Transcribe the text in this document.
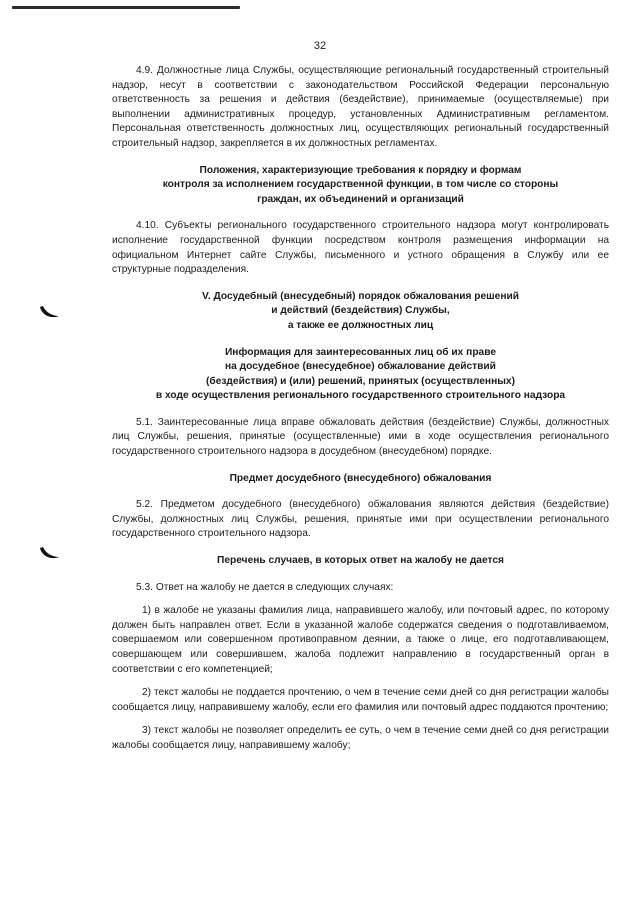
32

4.9. Должностные лица Службы, осуществляющие региональный государственный строительный надзор, несут в соответствии с законодательством Российской Федерации персональную ответственность за решения и действия (бездействие), принимаемые (осуществляемые) при выполнении административных процедур, установленных Административным регламентом. Персональная ответственность должностных лиц, осуществляющих региональный государственный строительный надзор, закрепляется в их должностных регламентах.

Положения, характеризующие требования к порядку и формам
контроля за исполнением государственной функции, в том числе со стороны
граждан, их объединений и организаций

4.10. Субъекты регионального государственного строительного надзора могут контролировать исполнение государственной функции посредством контроля размещения информации на официальном Интернет сайте Службы, письменного и устного обращения в Службу или ее структурные подразделения.

V. Досудебный (внесудебный) порядок обжалования решений
и действий (бездействия) Службы,
а также ее должностных лиц
Информация для заинтересованных лиц об их праве
на досудебное (внесудебное) обжалование действий
(бездействия) и (или) решений, принятых (осуществленных)
в ходе осуществления регионального государственного строительного надзора

5.1. Заинтересованные лица вправе обжаловать действия (бездействие) Службы, должностных лиц Службы, решения, принятые (осуществленные) ими в ходе осуществления регионального государственного строительного надзора в досудебном (внесудебном) порядке.

Предмет досудебного (внесудебного) обжалования

5.2. Предметом досудебного (внесудебного) обжалования являются действия (бездействие) Службы, должностных лиц Службы, решения, принятые ими при осуществлении регионального государственного строительного надзора.

Перечень случаев, в которых ответ на жалобу не дается

5.3. Ответ на жалобу не дается в следующих случаях:

1) в жалобе не указаны фамилия лица, направившего жалобу, или почтовый адрес, по которому должен быть направлен ответ. Если в указанной жалобе содержатся сведения о подготавливаемом, совершаемом или совершенном противоправном деянии, а также о лице, его подготавливающем, совершающем или совершившем, жалоба подлежит направлению в государственный орган в соответствии с его компетенцией;

2) текст жалобы не поддается прочтению, о чем в течение семи дней со дня регистрации жалобы сообщается лицу, направившему жалобу, если его фамилия или почтовый адрес поддаются прочтению;

3) текст жалобы не позволяет определить ее суть, о чем в течение семи дней со дня регистрации жалобы сообщается лицу, направившему жалобу;
